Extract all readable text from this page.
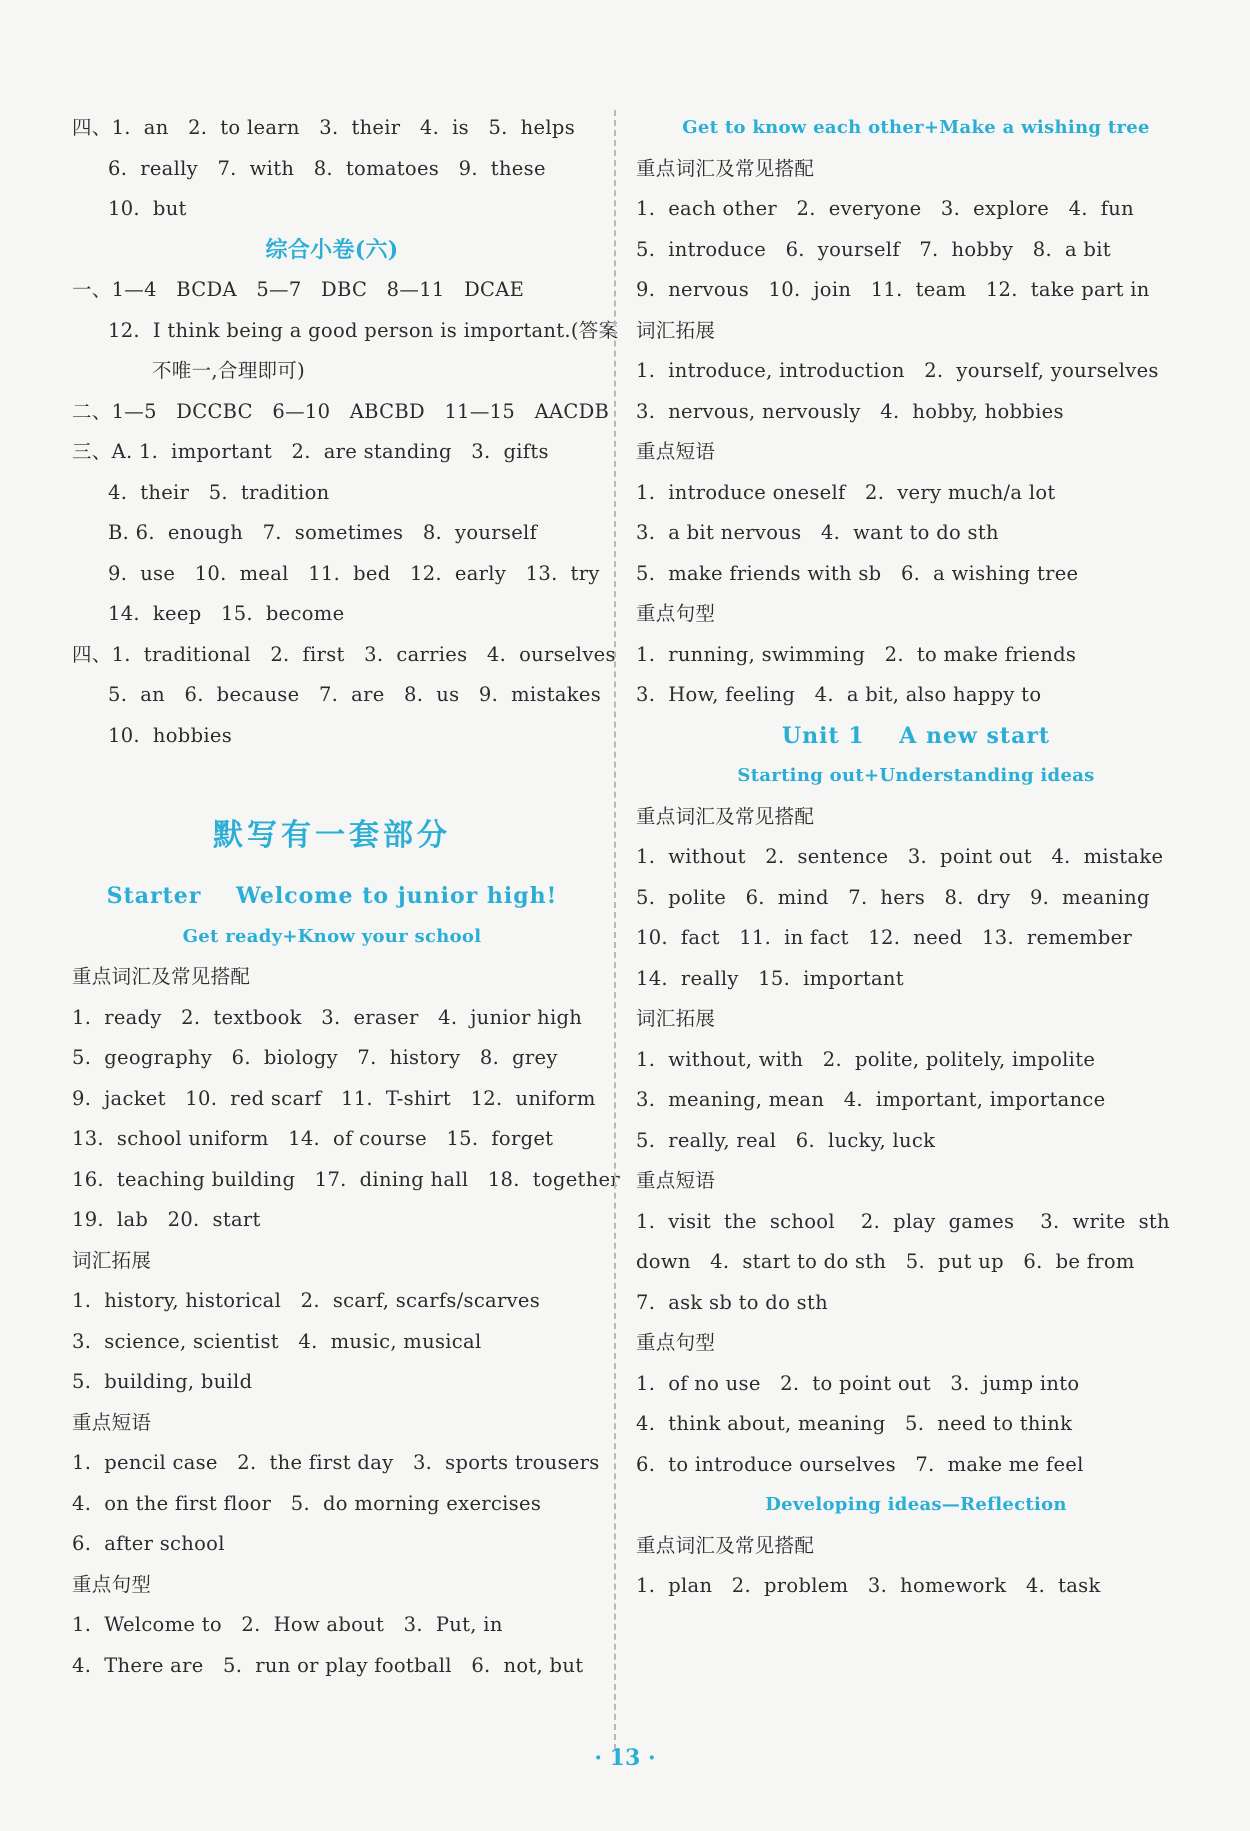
四、1.  an   2.  to learn   3.  their   4.  is   5.  helps
6.  really   7.  with   8.  tomatoes   9.  these
10.  but
综合小卷(六)
一、1—4   BCDA   5—7   DBC   8—11   DCAE
12.  I think being a good person is important.(答案
不唯一,合理即可)
二、1—5   DCCBC   6—10   ABCBD   11—15   AACDB
三、A. 1.  important   2.  are standing   3.  gifts
4.  their   5.  tradition
B. 6.  enough   7.  sometimes   8.  yourself
9.  use   10.  meal   11.  bed   12.  early   13.  try
14.  keep   15.  become
四、1.  traditional   2.  first   3.  carries   4.  ourselves
5.  an   6.  because   7.  are   8.  us   9.  mistakes
10.  hobbies
默写有一套部分
Starter    Welcome to junior high!
Get ready+Know your school
重点词汇及常见搭配
1.  ready   2.  textbook   3.  eraser   4.  junior high
5.  geography   6.  biology   7.  history   8.  grey
9.  jacket   10.  red scarf   11.  T-shirt   12.  uniform
13.  school uniform   14.  of course   15.  forget
16.  teaching building   17.  dining hall   18.  together
19.  lab   20.  start
词汇拓展
1.  history, historical   2.  scarf, scarfs/scarves
3.  science, scientist   4.  music, musical
5.  building, build
重点短语
1.  pencil case   2.  the first day   3.  sports trousers
4.  on the first floor   5.  do morning exercises
6.  after school
重点句型
1.  Welcome to   2.  How about   3.  Put, in
4.  There are   5.  run or play football   6.  not, but
Get to know each other+Make a wishing tree
重点词汇及常见搭配
1.  each other   2.  everyone   3.  explore   4.  fun
5.  introduce   6.  yourself   7.  hobby   8.  a bit
9.  nervous   10.  join   11.  team   12.  take part in
词汇拓展
1.  introduce, introduction   2.  yourself, yourselves
3.  nervous, nervously   4.  hobby, hobbies
重点短语
1.  introduce oneself   2.  very much/a lot
3.  a bit nervous   4.  want to do sth
5.  make friends with sb   6.  a wishing tree
重点句型
1.  running, swimming   2.  to make friends
3.  How, feeling   4.  a bit, also happy to
Unit 1    A new start
Starting out+Understanding ideas
重点词汇及常见搭配
1.  without   2.  sentence   3.  point out   4.  mistake
5.  polite   6.  mind   7.  hers   8.  dry   9.  meaning
10.  fact   11.  in fact   12.  need   13.  remember
14.  really   15.  important
词汇拓展
1.  without, with   2.  polite, politely, impolite
3.  meaning, mean   4.  important, importance
5.  really, real   6.  lucky, luck
重点短语
1.  visit  the  school    2.  play  games    3.  write  sth
down   4.  start to do sth   5.  put up   6.  be from
7.  ask sb to do sth
重点句型
1.  of no use   2.  to point out   3.  jump into
4.  think about, meaning   5.  need to think
6.  to introduce ourselves   7.  make me feel
Developing ideas—Reflection
重点词汇及常见搭配
1.  plan   2.  problem   3.  homework   4.  task
· 13 ·
